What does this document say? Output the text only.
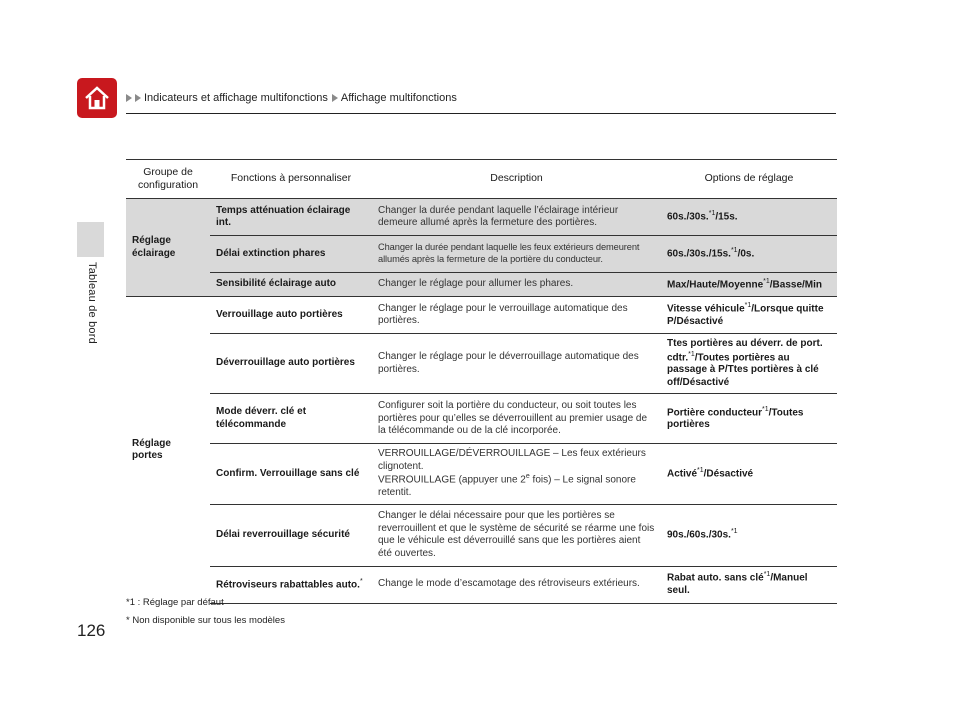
Indicateurs et affichage multifonctions Affichage multifonctions
Tableau de bord
Groupe de
configuration	Fonctions à personnaliser	Description	Options de réglage
Réglage
éclairage	Temps atténuation éclairage int.	Changer la durée pendant laquelle l’éclairage intérieur demeure allumé après la fermeture des portières.	60s./30s.$^{*1}$/15s.
	Délai extinction phares	Changer la durée pendant laquelle les feux extérieurs demeurent allumés après la fermeture de la portière du conducteur.	60s./30s./15s.$^{*1}$/0s.
	Sensibilité éclairage auto	Changer le réglage pour allumer les phares.	Max/Haute/Moyenne$^{*1}$/Basse/Min
Réglage
portes	Verrouillage auto portières	Changer le réglage pour le verrouillage automatique des portières.	Vitesse véhicule$^{*1}$/Lorsque quitte P/Désactivé
	Déverrouillage auto portières	Changer le réglage pour le déverrouillage automatique des portières.	Ttes portières au déverr. de port. cdtr.$^{*1}$/Toutes portières au passage à P/Ttes portières à clé off/Désactivé
	Mode déverr. clé et télécommande	Configurer soit la portière du conducteur, ou soit toutes les portières pour qu’elles se déverrouillent au premier usage de la télécommande ou de la clé incorporée.	Portière conducteur$^{*1}$/Toutes portières
	Confirm. Verrouillage sans clé	VERROUILLAGE/DÉVERROUILLAGE – Les feux extérieurs clignotent.
VERROUILLAGE (appuyer une 2e fois) – Le signal sonore retentit.	Activé$^{*1}$/Désactivé
	Délai reverrouillage sécurité	Changer le délai nécessaire pour que les portières se reverrouillent et que le système de sécurité se réarme une fois que le véhicule est déverrouillé sans que les portières aient été ouvertes.	90s./60s./30s.$^{*1}$
	Rétroviseurs rabattables auto.*	Change le mode d’escamotage des rétroviseurs extérieurs.	Rabat auto. sans clé$^{*1}$/Manuel seul.
*1 : Réglage par défaut
* Non disponible sur tous les modèles
126
